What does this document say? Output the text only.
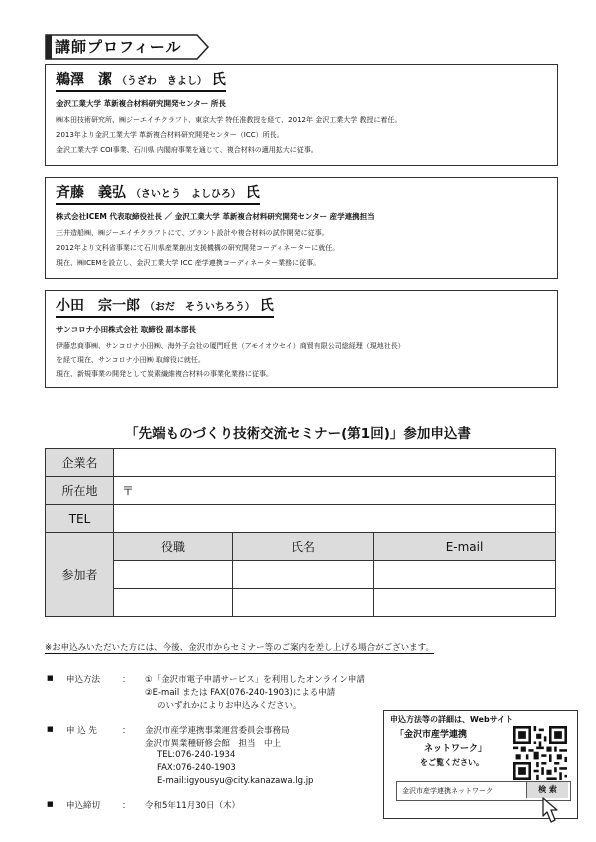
講師プロフィール
鵜澤　潔 （うざわ　きよし） 氏
金沢工業大学 革新複合材料研究開発センター 所長
㈱本田技術研究所、㈱ジーエイチクラフト、東京大学 特任准教授を経て、2012年 金沢工業大学 教授に着任。
2013年より金沢工業大学 革新複合材料研究開発センター（ICC）所長。
金沢工業大学 COI事業、石川県 内閣府事業を通じて、複合材料の適用拡大に従事。
斉藤　義弘 （さいとう　よしひろ） 氏
株式会社ICEM 代表取締役社長 ／ 金沢工業大学 革新複合材料研究開発センター 産学連携担当
三井造船㈱、㈱ジーエイチクラフトにて、プラント設計や複合材料の試作開発に従事。
2012年より文科省事業にて石川県産業創出支援機構の研究開発コーディネーターに就任。
現在、㈱ICEMを設立し、金沢工業大学 ICC 産学連携コーディネーター業務に従事。
小田　宗一郎 （おだ　そういちろう） 氏
サンコロナ小田株式会社 取締役 副本部長
伊藤忠商事㈱、サンコロナ小田㈱、海外子会社の厦門旺世（アモイオウセイ）商貿有限公司総経理（現地社長）
を経て現在、サンコロナ小田㈱ 取締役に就任。
現在、新規事業の開発として炭素繊維複合材料の事業化業務に従事。
「先端ものづくり技術交流セミナー(第1回)」参加申込書
企業名			
所在地	〒		
TEL			
参加者	役職	氏名	E-mail

※お申込みいただいた方には、今後、金沢市からセミナー等のご案内を差し上げる場合がございます。
■ 申込方法	： ①「金沢市電子申請サービス」を利用したオンライン申請
②E-mail または FAX(076-240-1903)による申請
のいずれかによりお申込みください。
■ 申 込 先	： 金沢市産学連携事業運営委員会事務局
金沢市異業種研修会館　担当　中上
TEL:076-240-1934
FAX:076-240-1903
E-mail:igyousyu@city.kanazawa.lg.jp
■ 申込締切	： 令和5年11月30日（木）
申込方法等の詳細は、Webサイト
「金沢市産学連携
ネットワーク」
をご覧ください。
金沢市産学連携ネットワーク	検 索
